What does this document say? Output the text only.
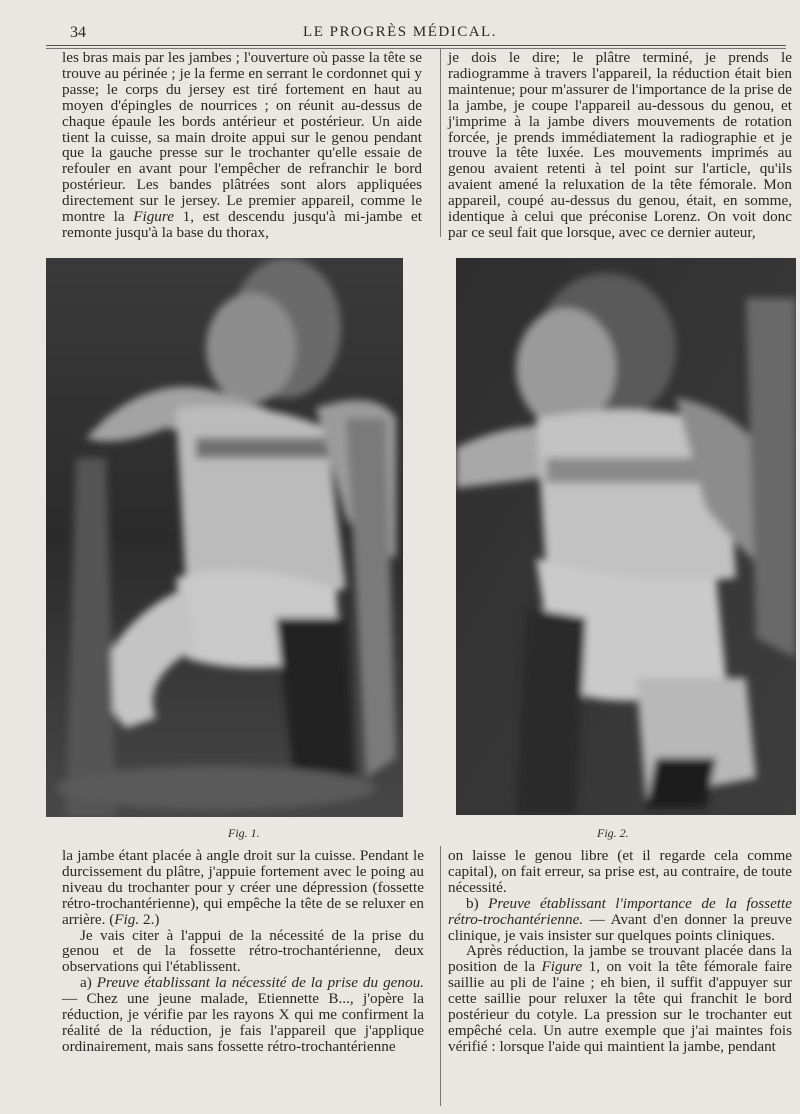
34	LE PROGRÈS MÉDICAL.

les bras mais par les jambes ; l'ouverture où passe la tête se trouve au périnée ; je la ferme en serrant le cordonnet qui y passe; le corps du jersey est tiré fortement en haut au moyen d'épingles de nourrices ; on réunit au-dessus de chaque épaule les bords antérieur et postérieur. Un aide tient la cuisse, sa main droite appui sur le genou pendant que la gauche presse sur le trochanter qu'elle essaie de refouler en avant pour l'empêcher de refranchir le bord postérieur. Les bandes plâtrées sont alors appliquées directement sur le jersey. Le premier appareil, comme le montre la Figure 1, est descendu jusqu'à mi-jambe et remonte jusqu'à la base du thorax,

je dois le dire; le plâtre terminé, je prends le radiogramme à travers l'appareil, la réduction était bien maintenue; pour m'assurer de l'importance de la prise de la jambe, je coupe l'appareil au-dessous du genou, et j'imprime à la jambe divers mouvements de rotation forcée, je prends immédiatement la radiographie et je trouve la tête luxée. Les mouvements imprimés au genou avaient retenti à tel point sur l'article, qu'ils avaient amené la reluxation de la tête fémorale. Mon appareil, coupé au-dessus du genou, était, en somme, identique à celui que préconise Lorenz. On voit donc par ce seul fait que lorsque, avec ce dernier auteur,

Fig. 1.	Fig. 2.

la jambe étant placée à angle droit sur la cuisse. Pendant le durcissement du plâtre, j'appuie fortement avec le poing au niveau du trochanter pour y créer une dépression (fossette rétro-trochantérienne), qui empêche la tête de se reluxer en arrière. (Fig. 2.)

Je vais citer à l'appui de la nécessité de la prise du genou et de la fossette rétro-trochantérienne, deux observations qui l'établissent.

a) Preuve établissant la nécessité de la prise du genou.— Chez une jeune malade, Etiennette B..., j'opère la réduction, je vérifie par les rayons X qui me confirment la réalité de la réduction, je fais l'appareil que j'applique ordinairement, mais sans fossette rétro-trochantérienne

on laisse le genou libre (et il regarde cela comme capital), on fait erreur, sa prise est, au contraire, de toute nécessité.

b) Preuve établissant l'importance de la fossette rétro-trochantérienne. — Avant d'en donner la preuve clinique, je vais insister sur quelques points cliniques.

Après réduction, la jambe se trouvant placée dans la position de la Figure 1, on voit la tête fémorale faire saillie au pli de l'aine ; eh bien, il suffit d'appuyer sur cette saillie pour reluxer la tête qui franchit le bord postérieur du cotyle. La pression sur le trochanter eut empêché cela. Un autre exemple que j'ai maintes fois vérifié : lorsque l'aide qui maintient la jambe, pendant
